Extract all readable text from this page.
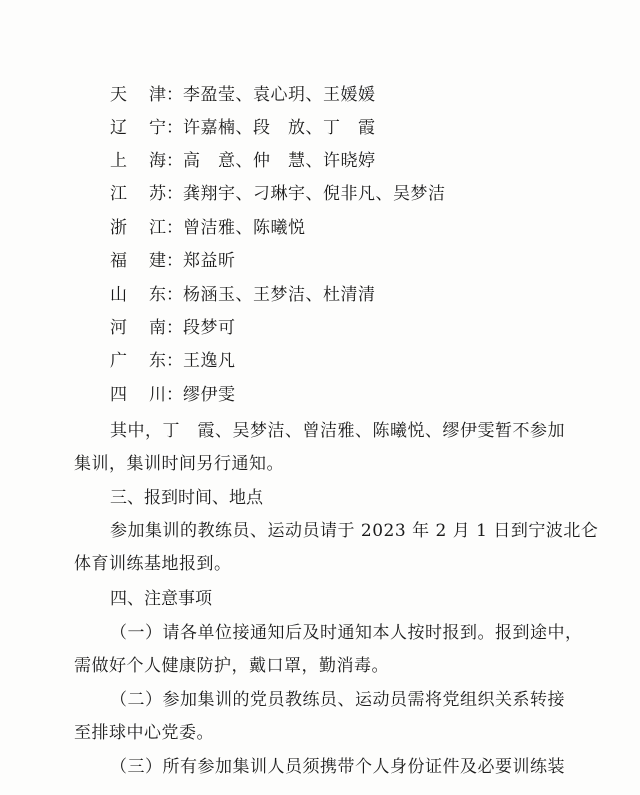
天津：李盈莹、袁心玥、王媛媛
辽宁：许嘉楠、段　放、丁　霞
上海：高　意、仲　慧、许晓婷
江苏：龚翔宇、刁琳宇、倪非凡、吴梦洁
浙江：曾洁雅、陈曦悦
福建：郑益昕
山东：杨涵玉、王梦洁、杜清清
河南：段梦可
广东：王逸凡
四川：缪伊雯
其中，丁　霞、吴梦洁、曾洁雅、陈曦悦、缪伊雯暂不参加
集训，集训时间另行通知。
三、报到时间、地点
参加集训的教练员、运动员请于 2023 年 2 月 1 日到宁波北仑
体育训练基地报到。
四、注意事项
（一）请各单位接通知后及时通知本人按时报到。报到途中，
需做好个人健康防护，戴口罩，勤消毒。
（二）参加集训的党员教练员、运动员需将党组织关系转接
至排球中心党委。
（三）所有参加集训人员须携带个人身份证件及必要训练装
